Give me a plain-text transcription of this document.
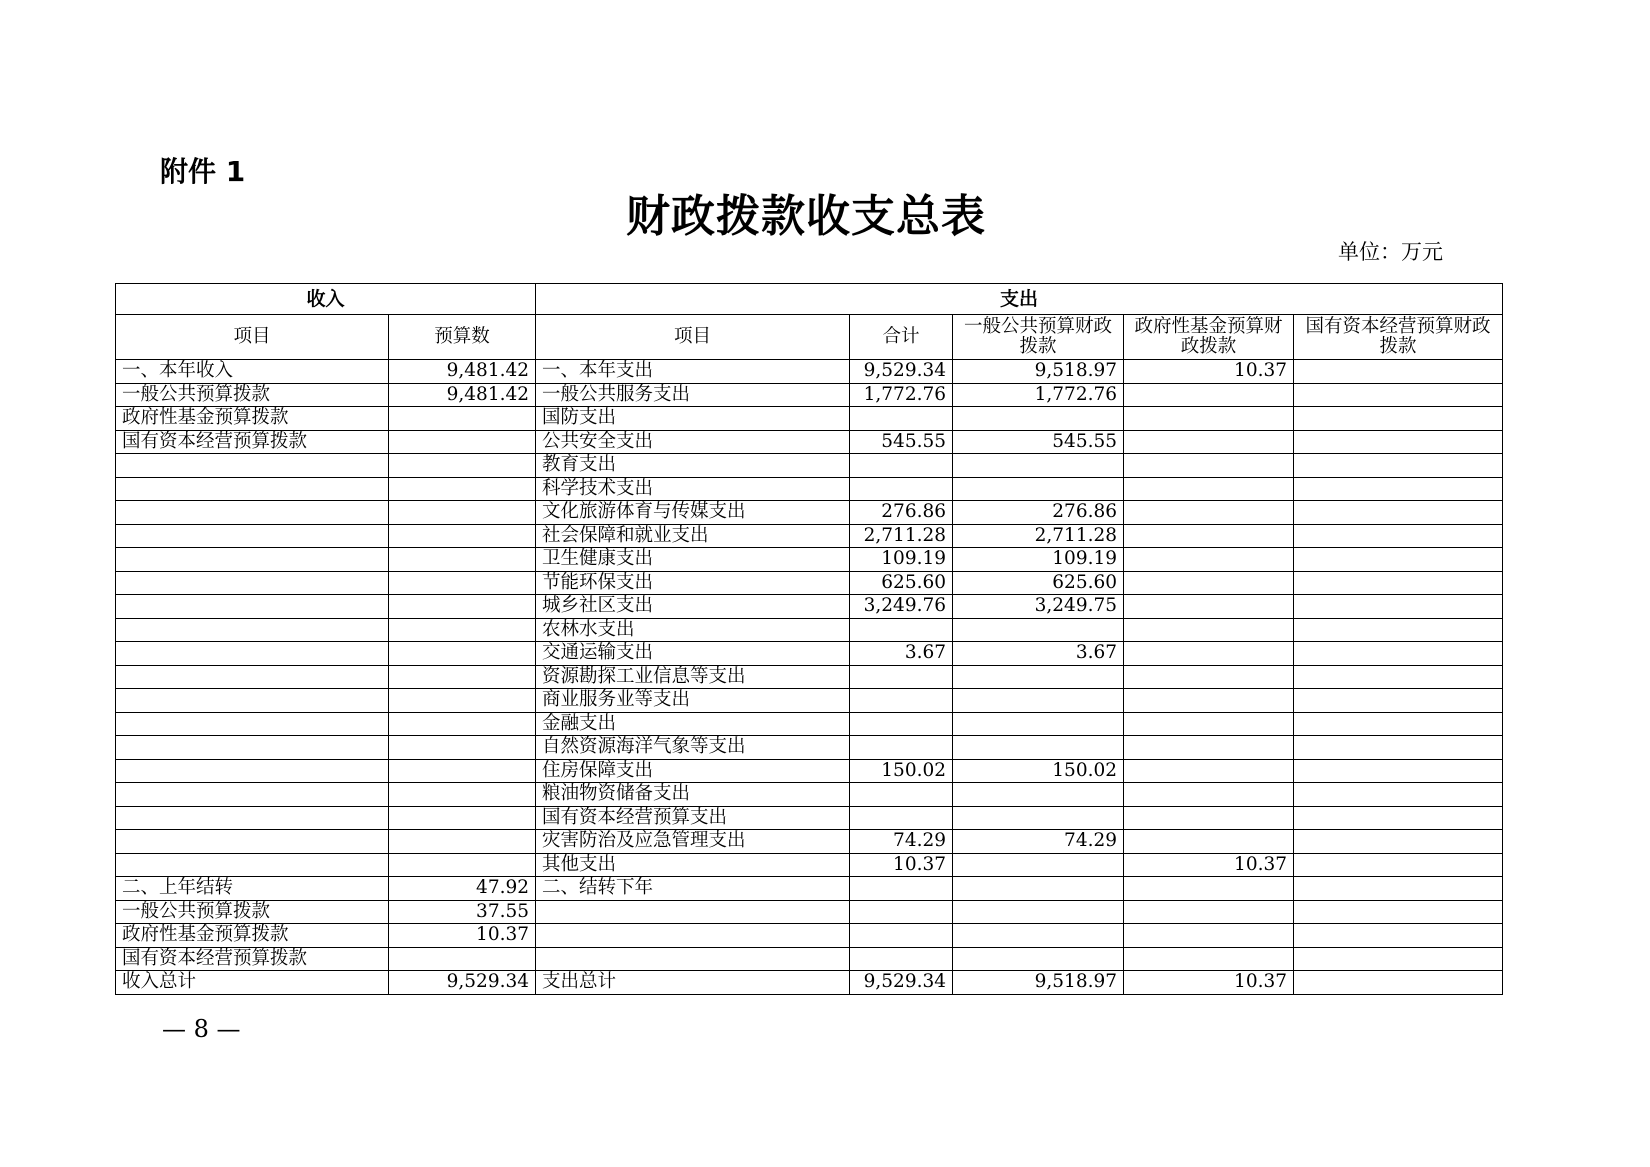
附件 1
财政拨款收支总表
单位：万元
收入		支出				
项目	预算数	项目	合计	一般公共预算财政拨款	政府性基金预算财政拨款	国有资本经营预算财政拨款
一、本年收入	9,481.42	一、本年支出	9,529.34	9,518.97	10.37	
一般公共预算拨款	9,481.42	一般公共服务支出	1,772.76	1,772.76		
政府性基金预算拨款		国防支出				
国有资本经营预算拨款		公共安全支出	545.55	545.55		
		教育支出				
		科学技术支出				
		文化旅游体育与传媒支出	276.86	276.86		
		社会保障和就业支出	2,711.28	2,711.28		
		卫生健康支出	109.19	109.19		
		节能环保支出	625.60	625.60		
		城乡社区支出	3,249.76	3,249.75		
		农林水支出				
		交通运输支出	3.67	3.67		
		资源勘探工业信息等支出				
		商业服务业等支出				
		金融支出				
		自然资源海洋气象等支出				
		住房保障支出	150.02	150.02		
		粮油物资储备支出				
		国有资本经营预算支出				
		灾害防治及应急管理支出	74.29	74.29		
		其他支出	10.37		10.37	
二、上年结转	47.92	二、结转下年				
一般公共预算拨款	37.55					
政府性基金预算拨款	10.37					
国有资本经营预算拨款						
收入总计	9,529.34	支出总计	9,529.34	9,518.97	10.37	
— 8 —
